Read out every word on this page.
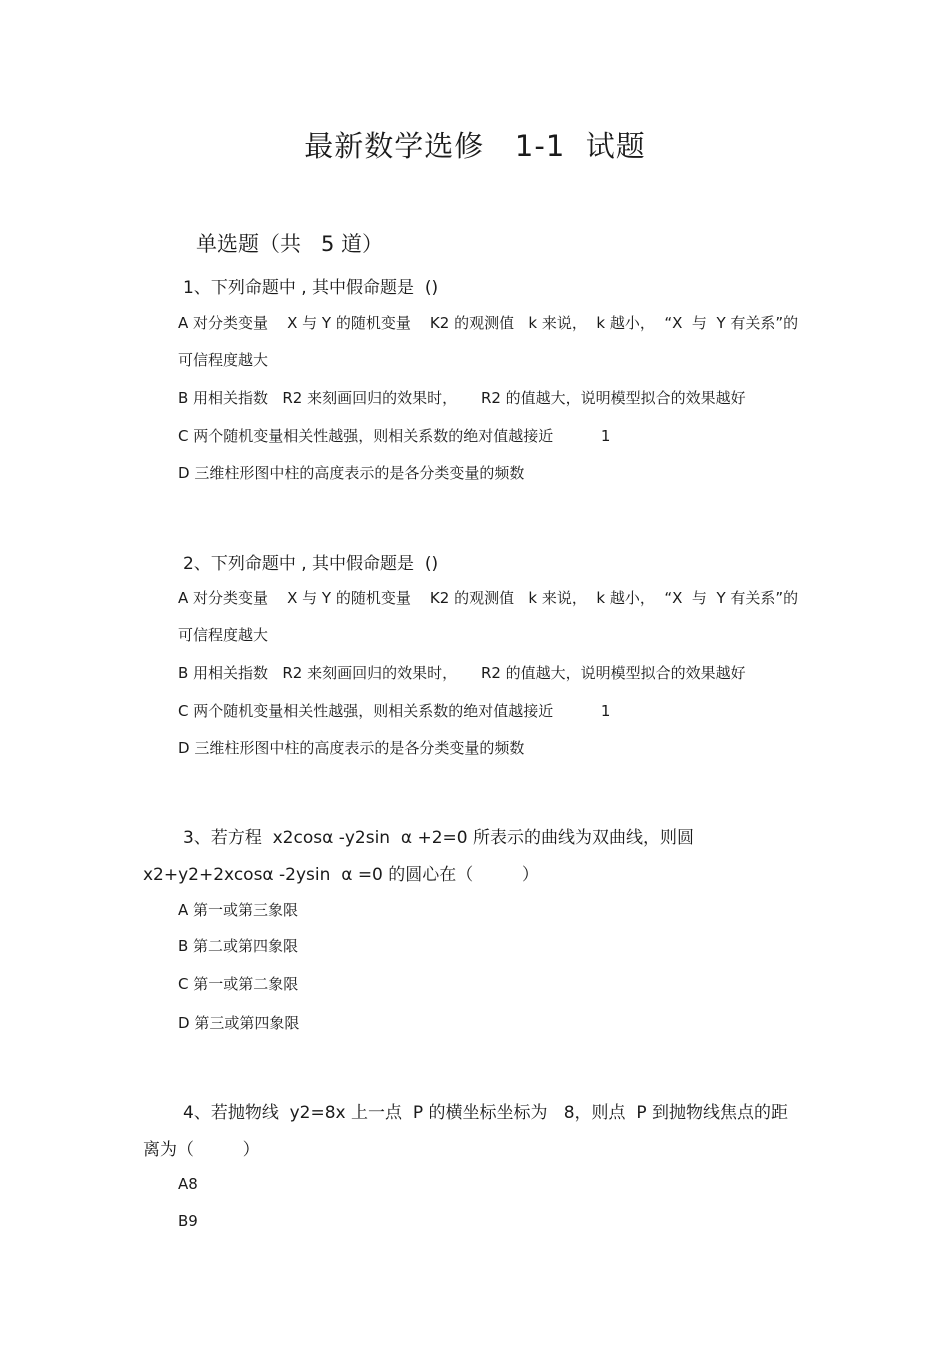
最新数学选修   1-1  试题
单选题（共   5 道）
1、下列命题中 , 其中假命题是  ()
A 对分类变量    X 与 Y 的随机变量    K2 的观测值   k 来说，  k 越小，  “X  与  Y 有关系”的
可信程度越大
B 用相关指数   R2 来刻画回归的效果时，     R2 的值越大，说明模型拟合的效果越好
C 两个随机变量相关性越强，则相关系数的绝对值越接近          1
D 三维柱形图中柱的高度表示的是各分类变量的频数
2、下列命题中 , 其中假命题是  ()
A 对分类变量    X 与 Y 的随机变量    K2 的观测值   k 来说，  k 越小，  “X  与  Y 有关系”的
可信程度越大
B 用相关指数   R2 来刻画回归的效果时，     R2 的值越大，说明模型拟合的效果越好
C 两个随机变量相关性越强，则相关系数的绝对值越接近          1
D 三维柱形图中柱的高度表示的是各分类变量的频数
3、若方程  x2cosα -y2sin  α +2=0 所表示的曲线为双曲线，则圆
x2+y2+2xcosα -2ysin  α =0 的圆心在（         ）
A 第一或第三象限
B 第二或第四象限
C 第一或第二象限
D 第三或第四象限
4、若抛物线  y2=8x 上一点  P 的横坐标坐标为   8，则点  P 到抛物线焦点的距
离为（         ）
A8
B9
